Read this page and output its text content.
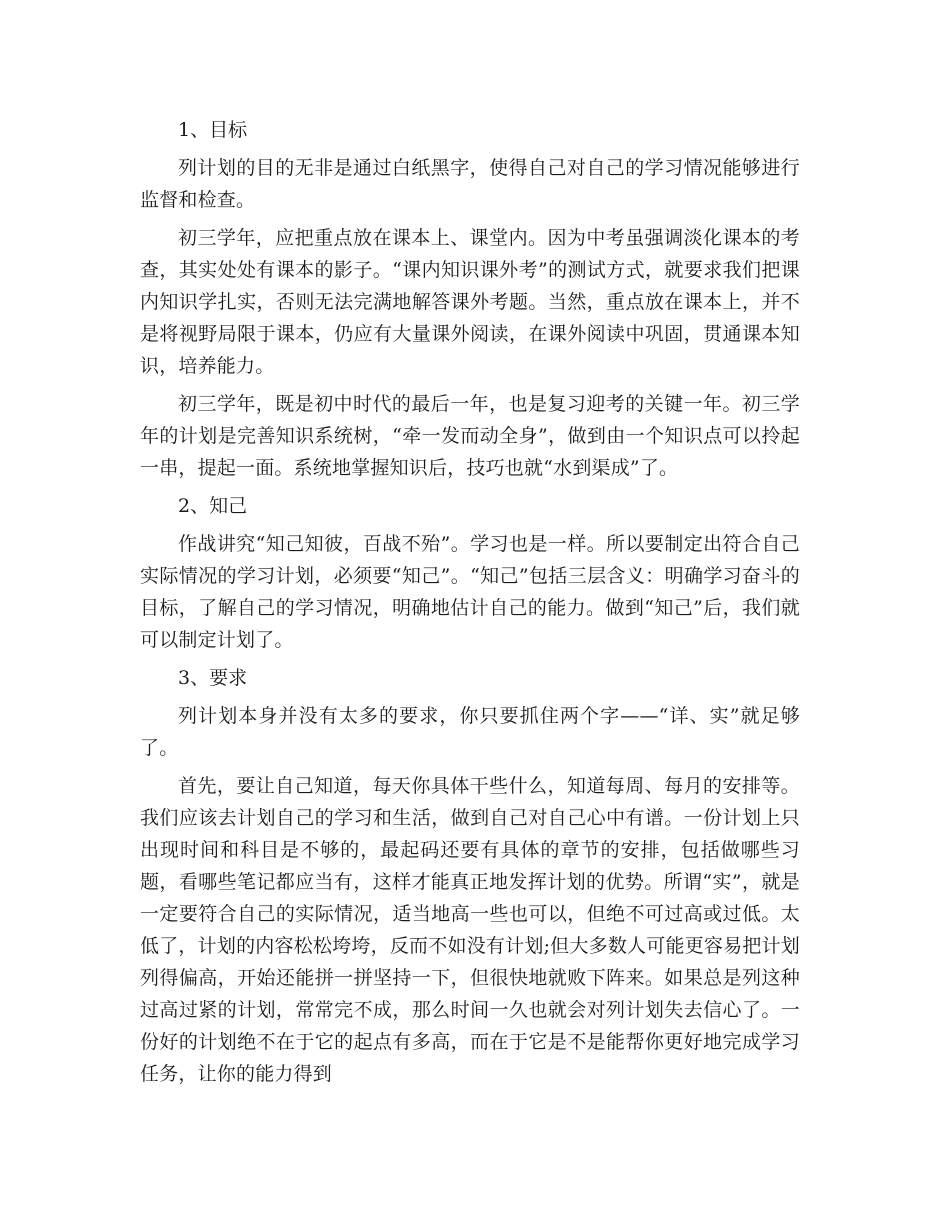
1、目标

列计划的目的无非是通过白纸黑字，使得自己对自己的学习情况能够进行监督和检查。

初三学年，应把重点放在课本上、课堂内。因为中考虽强调淡化课本的考查，其实处处有课本的影子。“课内知识课外考”的测试方式，就要求我们把课内知识学扎实，否则无法完满地解答课外考题。当然，重点放在课本上，并不是将视野局限于课本，仍应有大量课外阅读，在课外阅读中巩固，贯通课本知识，培养能力。

初三学年，既是初中时代的最后一年，也是复习迎考的关键一年。初三学年的计划是完善知识系统树，“牵一发而动全身”，做到由一个知识点可以拎起一串，提起一面。系统地掌握知识后，技巧也就“水到渠成”了。

2、知己

作战讲究“知己知彼，百战不殆”。学习也是一样。所以要制定出符合自己实际情况的学习计划，必须要“知己”。“知己”包括三层含义：明确学习奋斗的目标，了解自己的学习情况，明确地估计自己的能力。做到“知己”后，我们就可以制定计划了。

3、要求

列计划本身并没有太多的要求，你只要抓住两个字——“详、实”就足够了。

首先，要让自己知道，每天你具体干些什么，知道每周、每月的安排等。我们应该去计划自己的学习和生活，做到自己对自己心中有谱。一份计划上只出现时间和科目是不够的，最起码还要有具体的章节的安排，包括做哪些习题，看哪些笔记都应当有，这样才能真正地发挥计划的优势。所谓“实”，就是一定要符合自己的实际情况，适当地高一些也可以，但绝不可过高或过低。太低了，计划的内容松松垮垮，反而不如没有计划;但大多数人可能更容易把计划列得偏高，开始还能拼一拼坚持一下，但很快地就败下阵来。如果总是列这种过高过紧的计划，常常完不成，那么时间一久也就会对列计划失去信心了。一份好的计划绝不在于它的起点有多高，而在于它是不是能帮你更好地完成学习任务，让你的能力得到
